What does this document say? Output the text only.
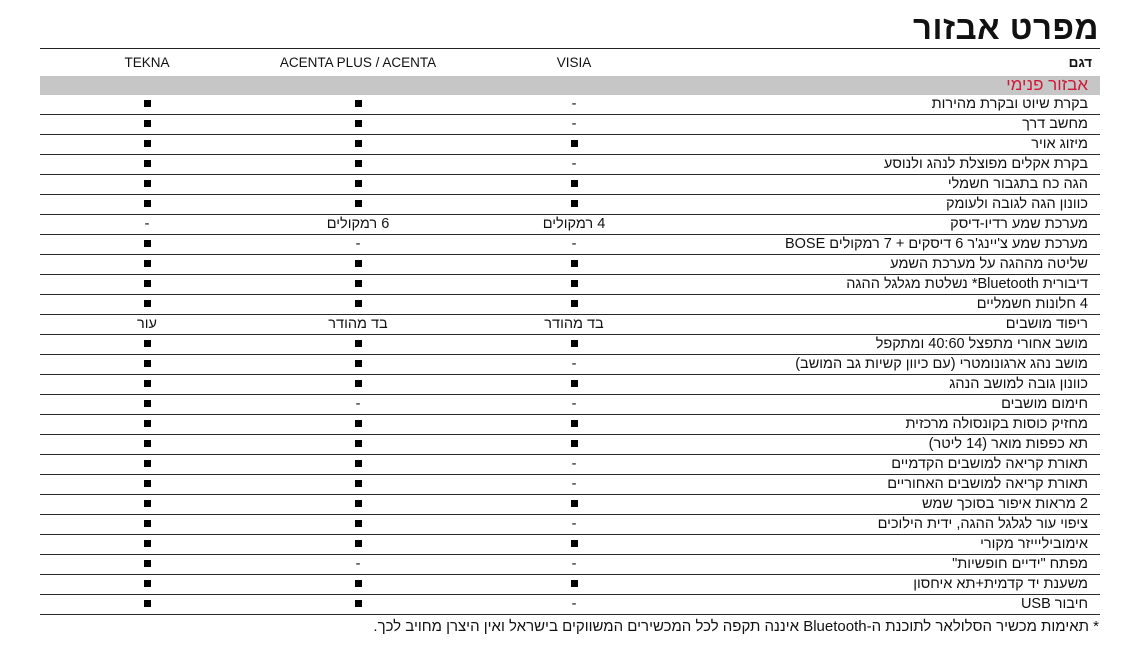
מפרט אבזור
VISIA
ACENTA PLUS / ACENTA
TEKNA	דגם
אבזור פנימי
בקרת שיוט ובקרת מהירות
-
מחשב דרך
-
מיזוג אויר
בקרת אקלים מפוצלת לנהג ולנוסע
-
הגה כח בתגבור חשמלי
כוונון הגה לגובה ולעומק
מערכת שמע רדיו-דיסק
4 רמקולים
6 רמקולים
-
מערכת שמע צ'יינג'ר 6 דיסקים + 7 רמקולים BOSE
-
-
שליטה מההגה על מערכת השמע
דיבורית Bluetooth* נשלטת מגלגל ההגה
4 חלונות חשמליים
ריפוד מושבים
בד מהודר
בד מהודר
עור
מושב אחורי מתפצל 40:60 ומתקפל
מושב נהג ארגונומטרי (עם כיוון קשיות גב המושב)
-
כוונון גובה למושב הנהג
חימום מושבים
-
-
מחזיק כוסות בקונסולה מרכזית
תא כפפות מואר (14 ליטר)
תאורת קריאה למושבים הקדמיים
-
תאורת קריאה למושבים האחוריים
-
2 מראות איפור בסוכך שמש
ציפוי עור לגלגל ההגה, ידית הילוכים
-
אימוביליייזר מקורי
מפתח "ידיים חופשיות"
-
-
משענת יד קדמית+תא איחסון
חיבור USB
-
* תאימות מכשיר הסלולאר לתוכנת ה-Bluetooth איננה תקפה לכל המכשירים המשווקים בישראל ואין היצרן מחויב לכך.
